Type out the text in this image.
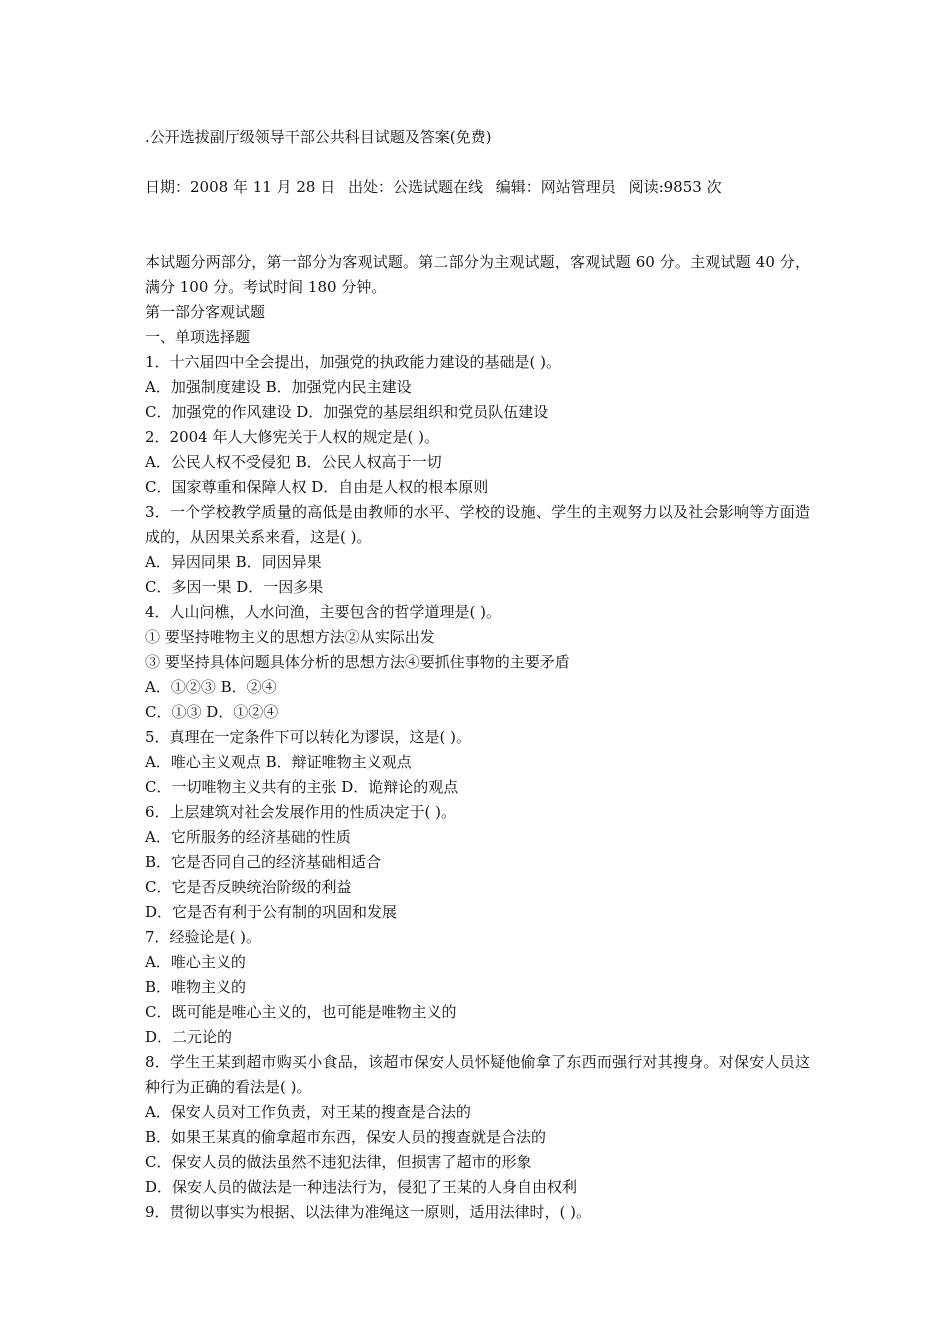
.公开选拔副厅级领导干部公共科目试题及答案(免费)
日期：2008 年 11 月 28 日 出处：公选试题在线 编辑：网站管理员 阅读:9853 次

本试题分两部分，第一部分为客观试题。第二部分为主观试题，客观试题 60 分。主观试题 40 分，满分 100 分。考试时间 180 分钟。

第一部分客观试题
一、单项选择题
1．十六届四中全会提出，加强党的执政能力建设的基础是( )。
A．加强制度建设 B．加强党内民主建设
C．加强党的作风建设 D．加强党的基层组织和党员队伍建设
2．2004 年人大修宪关于人权的规定是( )。
A．公民人权不受侵犯 B．公民人权高于一切
C．国家尊重和保障人权 D．自由是人权的根本原则
3．一个学校教学质量的高低是由教师的水平、学校的设施、学生的主观努力以及社会影响等方面造成的，从因果关系来看，这是( )。
A．异因同果 B．同因异果
C．多因一果 D．一因多果
4．人山问樵，人水问渔，主要包含的哲学道理是( )。
① 要坚持唯物主义的思想方法②从实际出发
③ 要坚持具体问题具体分析的思想方法④要抓住事物的主要矛盾
A．①②③ B．②④
C．①③ D．①②④
5．真理在一定条件下可以转化为谬误，这是( )。
A．唯心主义观点 B．辩证唯物主义观点
C．一切唯物主义共有的主张 D．诡辩论的观点
6．上层建筑对社会发展作用的性质决定于( )。
A．它所服务的经济基础的性质
B．它是否同自己的经济基础相适合
C．它是否反映统治阶级的利益
D．它是否有利于公有制的巩固和发展
7．经验论是( )。
A．唯心主义的
B．唯物主义的
C．既可能是唯心主义的，也可能是唯物主义的
D．二元论的
8．学生王某到超市购买小食品，该超市保安人员怀疑他偷拿了东西而强行对其搜身。对保安人员这种行为正确的看法是( )。
A．保安人员对工作负责，对王某的搜查是合法的
B．如果王某真的偷拿超市东西，保安人员的搜查就是合法的
C．保安人员的做法虽然不违犯法律，但损害了超市的形象
D．保安人员的做法是一种违法行为，侵犯了王某的人身自由权利
9．贯彻以事实为根据、以法律为准绳这一原则，适用法律时，( )。
